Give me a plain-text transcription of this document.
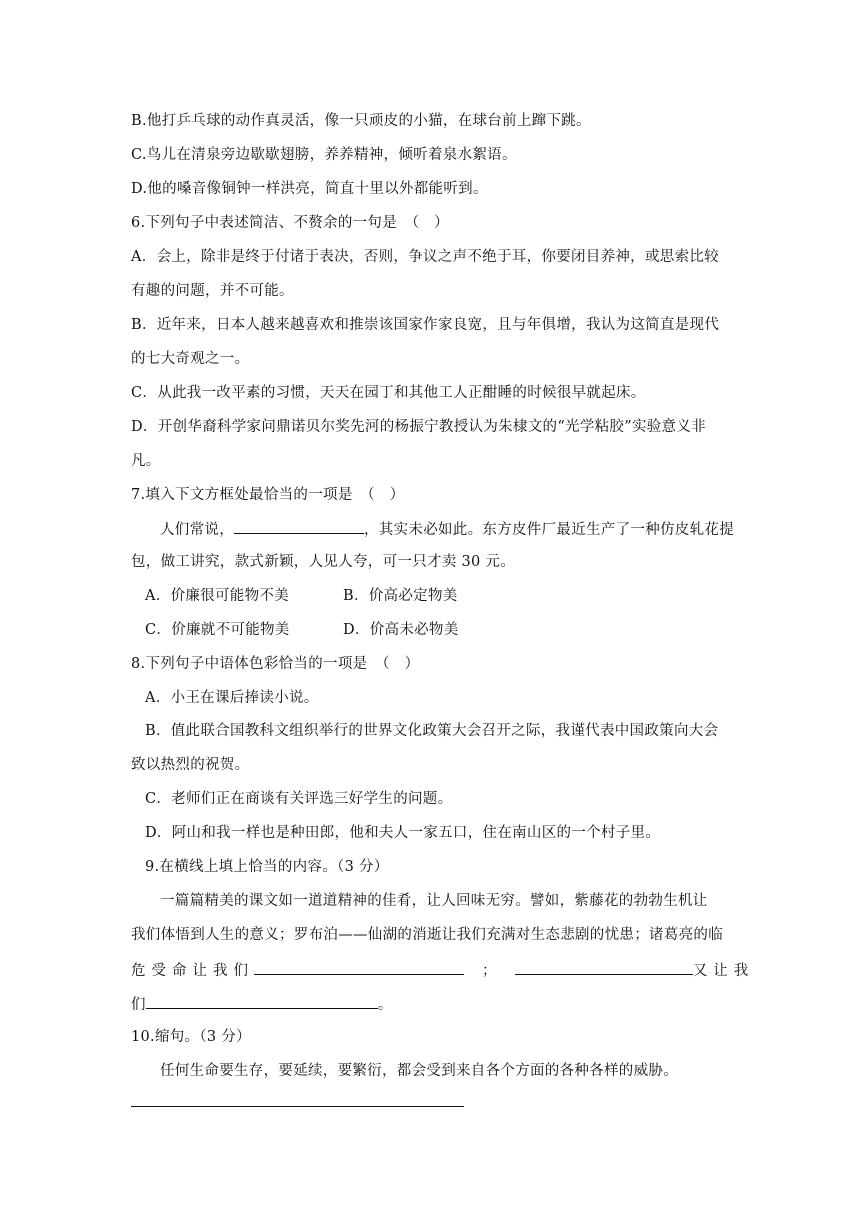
B.他打乒乓球的动作真灵活，像一只顽皮的小猫，在球台前上蹿下跳。
C.鸟儿在清泉旁边歇歇翅膀，养养精神，倾听着泉水絮语。
D.他的嗓音像铜钟一样洪亮，简直十里以外都能听到。
6.下列句子中表述简洁、不赘余的一句是　（　）
A．会上，除非是终于付诸于表决，否则，争议之声不绝于耳，你要闭目养神，或思索比较
有趣的问题，并不可能。
B．近年来，日本人越来越喜欢和推崇该国家作家良宽，且与年俱增，我认为这简直是现代
的七大奇观之一。
C．从此我一改平素的习惯，天天在园丁和其他工人正酣睡的时候很早就起床。
D．开创华裔科学家问鼎诺贝尔奖先河的杨振宁教授认为朱棣文的“光学粘胶”实验意义非
凡。
7.填入下文方框处最恰当的一项是　（　）
人们常说，	，其实未必如此。东方皮件厂最近生产了一种仿皮轧花提
包，做工讲究，款式新颖，人见人夸，可一只才卖 30 元。
A．价廉很可能物不美	B．价高必定物美
C．价廉就不可能物美	D．价高未必物美
8.下列句子中语体色彩恰当的一项是　（　）
A．小王在课后捧读小说。
B．值此联合国教科文组织举行的世界文化政策大会召开之际，我谨代表中国政策向大会
致以热烈的祝贺。
C．老师们正在商谈有关评选三好学生的问题。
D．阿山和我一样也是种田郎，他和夫人一家五口，住在南山区的一个村子里。
9.在横线上填上恰当的内容。（3 分）
一篇篇精美的课文如一道道精神的佳肴，让人回味无穷。譬如，紫藤花的勃勃生机让
我们体悟到人生的意义；罗布泊——仙湖的消逝让我们充满对生态悲剧的忧患；诸葛亮的临
危受命让我们	；	又让我
们	。
10.缩句。（3 分）
任何生命要生存，要延续，要繁衍，都会受到来自各个方面的各种各样的威胁。
